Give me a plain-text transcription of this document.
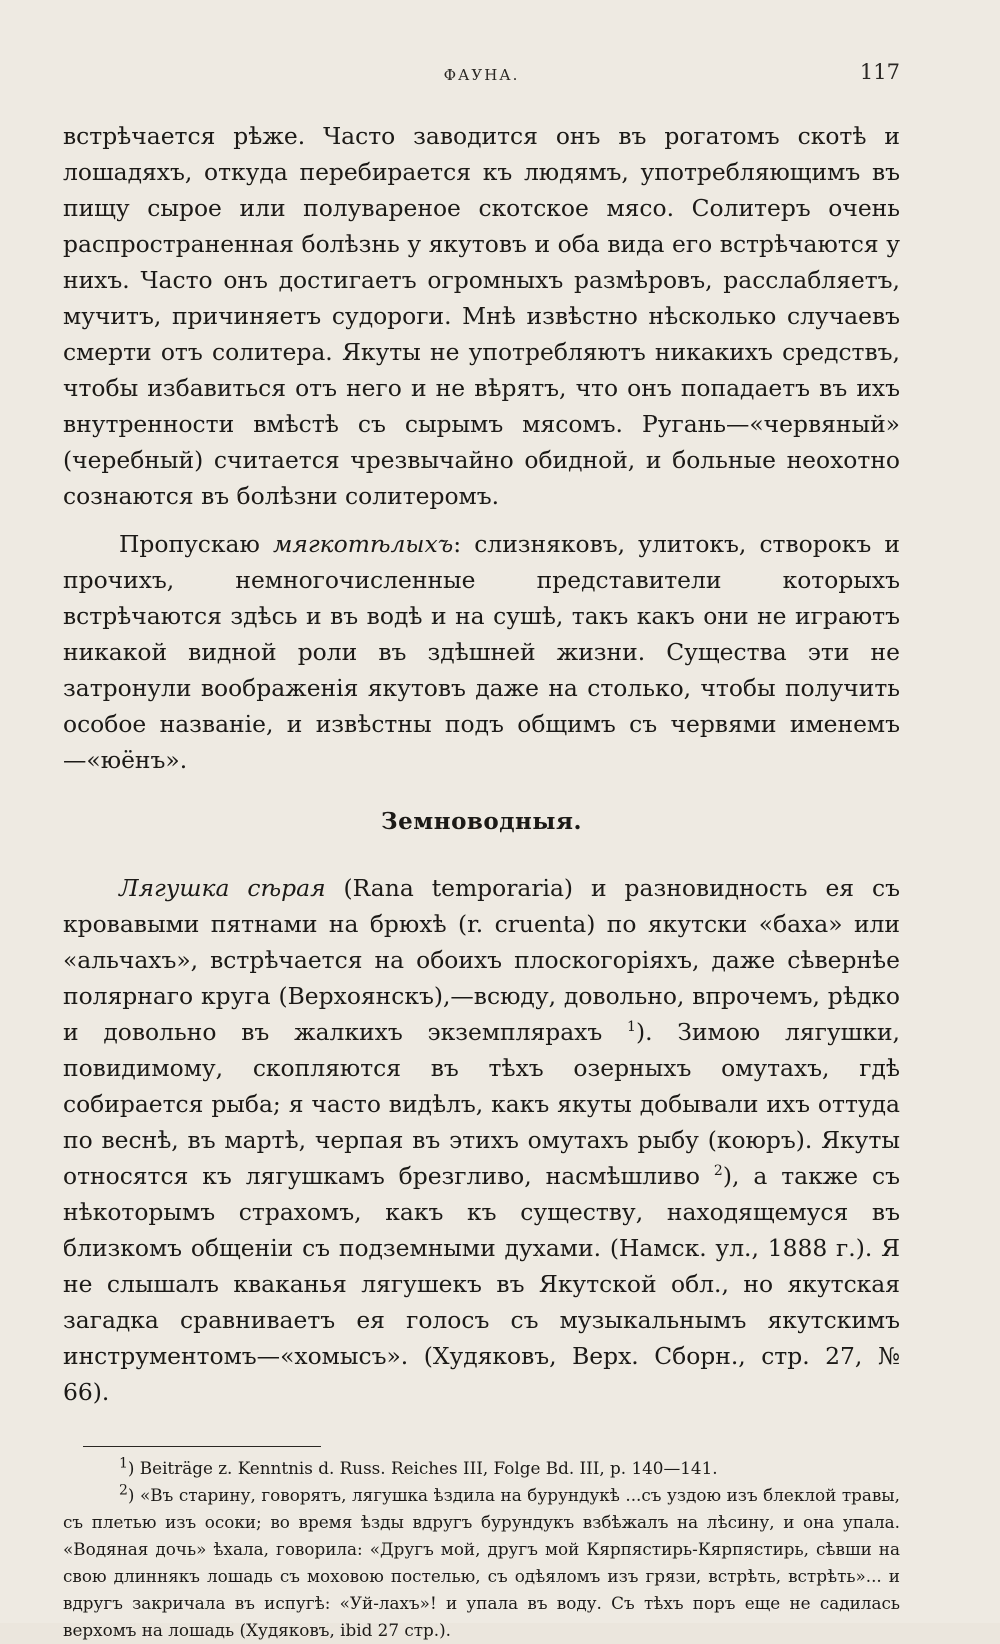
ФАУНА.	117

встрѣчается рѣже. Часто заводится онъ въ рогатомъ скотѣ и лошадяхъ, откуда перебирается къ людямъ, употребляющимъ въ пищу сырое или полувареное скотское мясо. Солитеръ очень распространенная болѣзнь у якутовъ и оба вида его встрѣчаются у нихъ. Часто онъ достигаетъ огромныхъ размѣровъ, расслабляетъ, мучитъ, причиняетъ судороги. Мнѣ извѣстно нѣсколько случаевъ смерти отъ солитера. Якуты не употребляютъ никакихъ средствъ, чтобы избавиться отъ него и не вѣрятъ, что онъ попадаетъ въ ихъ внутренности вмѣстѣ съ сырымъ мясомъ. Ругань—«червяный» (черебный) считается чрезвычайно обидной, и больные неохотно сознаются въ болѣзни солитеромъ.

Пропускаю мягкотѣлыхъ: слизняковъ, улитокъ, створокъ и прочихъ, немногочисленные представители которыхъ встрѣчаются здѣсь и въ водѣ и на сушѣ, такъ какъ они не играютъ никакой видной роли въ здѣшней жизни. Существа эти не затронули воображенія якутовъ даже на столько, чтобы получить особое названіе, и извѣстны подъ общимъ съ червями именемъ—«юёнъ».

Земноводныя.

Лягушка сѣрая (Rana temporaria) и разновидность ея съ кровавыми пятнами на брюхѣ (r. cruenta) по якутски «баха» или «альчахъ», встрѣчается на обоихъ плоскогоріяхъ, даже сѣвернѣе полярнаго круга (Верхоянскъ),—всюду, довольно, впрочемъ, рѣдко и довольно въ жалкихъ экземплярахъ $^1$). Зимою лягушки, повидимому, скопляются въ тѣхъ озерныхъ омутахъ, гдѣ собирается рыба; я часто видѣлъ, какъ якуты добывали ихъ оттуда по веснѣ, въ мартѣ, черпая въ этихъ омутахъ рыбу (коюръ). Якуты относятся къ лягушкамъ брезгливо, насмѣшливо $^2$), а также съ нѣкоторымъ страхомъ, какъ къ существу, находящемуся въ близкомъ общеніи съ подземными духами. (Намск. ул., 1888 г.). Я не слышалъ кваканья лягушекъ въ Якутской обл., но якутская загадка сравниваетъ ея голосъ съ музыкальнымъ якутскимъ инструментомъ—«хомысъ». (Худяковъ, Верх. Сборн., стр. 27, № 66).

$^1$) Beiträge z. Kenntnis d. Russ. Reiches III, Folge Bd. III, p. 140—141.

$^2$) «Въ старину, говорятъ, лягушка ѣздила на бурундукѣ ...съ уздою изъ блеклой травы, съ плетью изъ осоки; во время ѣзды вдругъ бурундукъ взбѣжалъ на лѣсину, и она упала. «Водяная дочь» ѣхала, говорила: «Другъ мой, другъ мой Кярпястирь-Кярпястирь, сѣвши на свою длиннякъ лошадь съ моховою постелью, съ одѣяломъ изъ грязи, встрѣть, встрѣть»... и вдругъ закричала въ испугѣ: «Уй-лахъ»! и упала въ воду. Съ тѣхъ поръ еще не садилась верхомъ на лошадь (Худяковъ, ibid 27 стр.).
